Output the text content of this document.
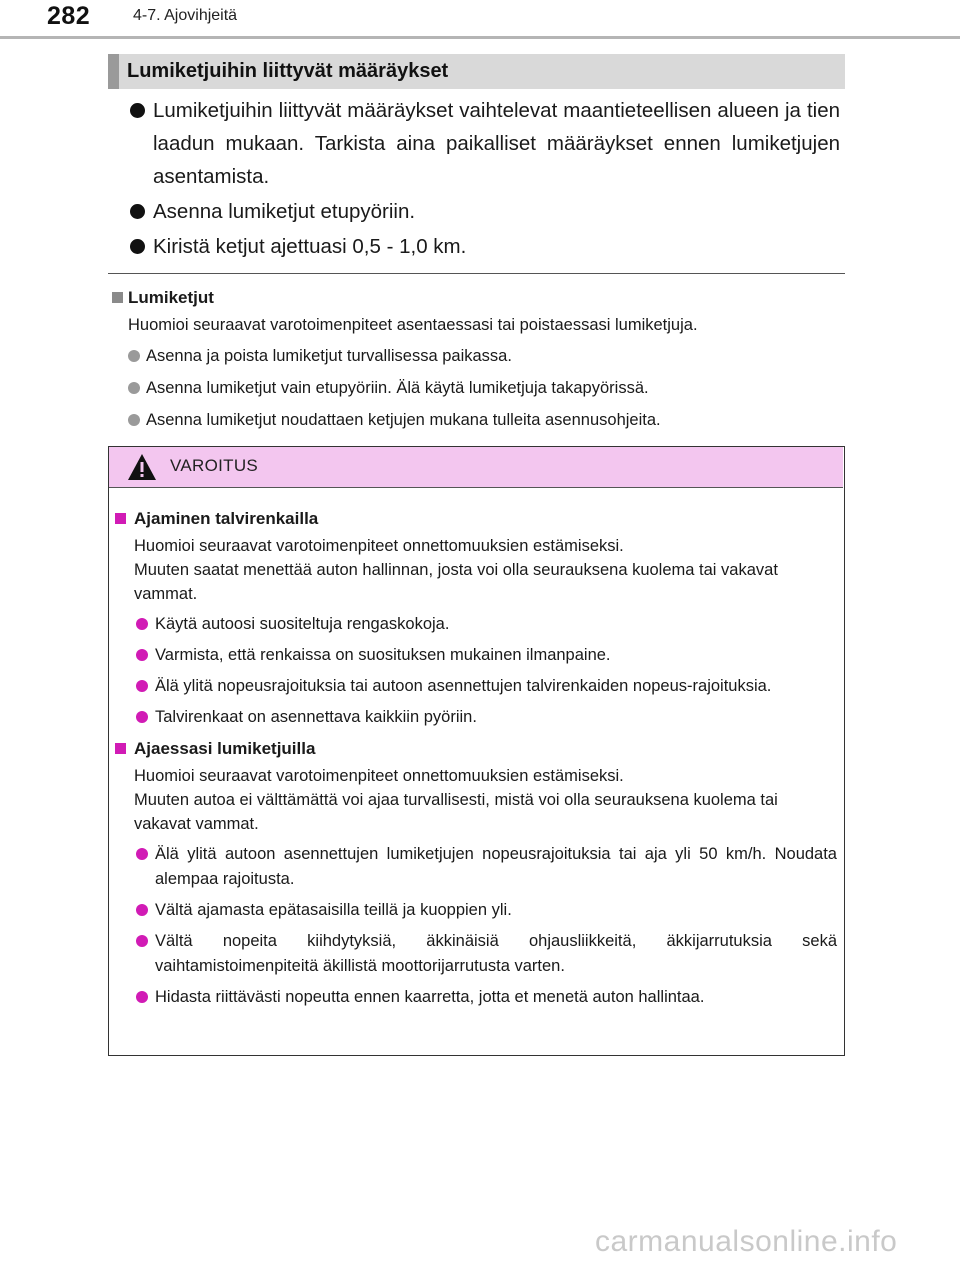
282	4-7. Ajovihjeitä
Lumiketjuihin liittyvät määräykset
Lumiketjuihin liittyvät määräykset vaihtelevat maantieteellisen alueen ja tien laadun mukaan. Tarkista aina paikalliset määräykset ennen lumiketjujen asentamista.
Asenna lumiketjut etupyöriin.
Kiristä ketjut ajettuasi 0,5 - 1,0 km.
Lumiketjut
Huomioi seuraavat varotoimenpiteet asentaessasi tai poistaessasi lumiketjuja.
Asenna ja poista lumiketjut turvallisessa paikassa.
Asenna lumiketjut vain etupyöriin. Älä käytä lumiketjuja takapyörissä.
Asenna lumiketjut noudattaen ketjujen mukana tulleita asennusohjeita.
VAROITUS
Ajaminen talvirenkailla
Huomioi seuraavat varotoimenpiteet onnettomuuksien estämiseksi.
Muuten saatat menettää auton hallinnan, josta voi olla seurauksena kuolema tai vakavat vammat.
Käytä autoosi suositeltuja rengaskokoja.
Varmista, että renkaissa on suosituksen mukainen ilmanpaine.
Älä ylitä nopeusrajoituksia tai autoon asennettujen talvirenkaiden nopeus-rajoituksia.
Talvirenkaat on asennettava kaikkiin pyöriin.
Ajaessasi lumiketjuilla
Huomioi seuraavat varotoimenpiteet onnettomuuksien estämiseksi.
Muuten autoa ei välttämättä voi ajaa turvallisesti, mistä voi olla seurauksena kuolema tai vakavat vammat.
Älä ylitä autoon asennettujen lumiketjujen nopeusrajoituksia tai aja yli 50 km/h. Noudata alempaa rajoitusta.
Vältä ajamasta epätasaisilla teillä ja kuoppien yli.
Vältä nopeita kiihdytyksiä, äkkinäisiä ohjausliikkeitä, äkkijarrutuksia sekä vaihtamistoimenpiteitä äkillistä moottorijarrutusta varten.
Hidasta riittävästi nopeutta ennen kaarretta, jotta et menetä auton hallintaa.
carmanualsonline.info
